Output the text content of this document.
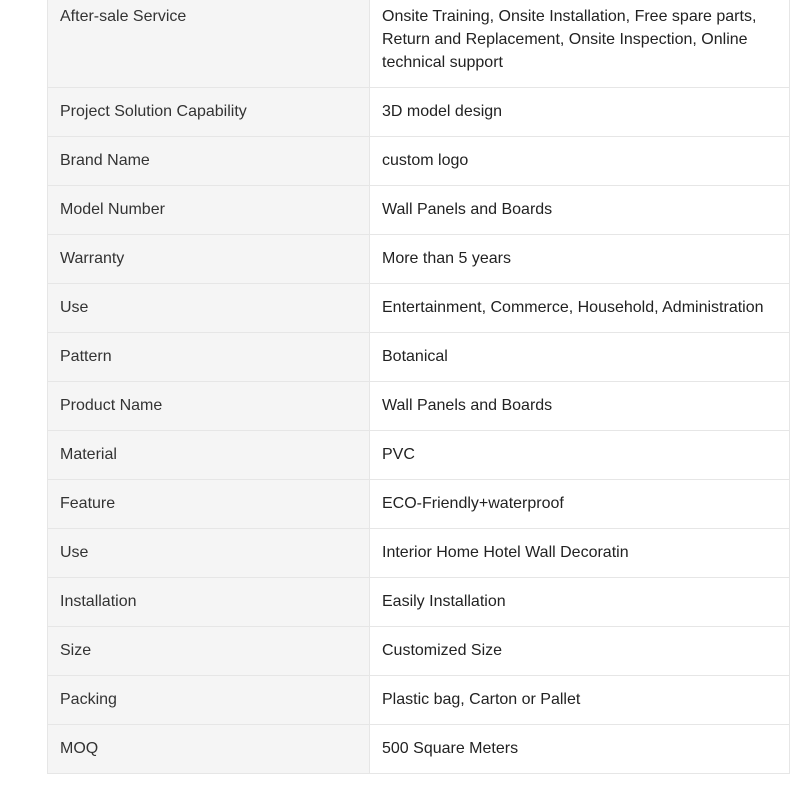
After-sale Service	Onsite Training, Onsite Installation, Free spare parts, Return and Replacement, Onsite Inspection, Online technical support
Project Solution Capability	3D model design
Brand Name	custom logo
Model Number	Wall Panels and Boards
Warranty	More than 5 years
Use	Entertainment, Commerce, Household, Administration
Pattern	Botanical
Product Name	Wall Panels and Boards
Material	PVC
Feature	ECO-Friendly+waterproof
Use	Interior Home Hotel Wall Decoratin
Installation	Easily Installation
Size	Customized Size
Packing	Plastic bag, Carton or Pallet
MOQ	500 Square Meters
